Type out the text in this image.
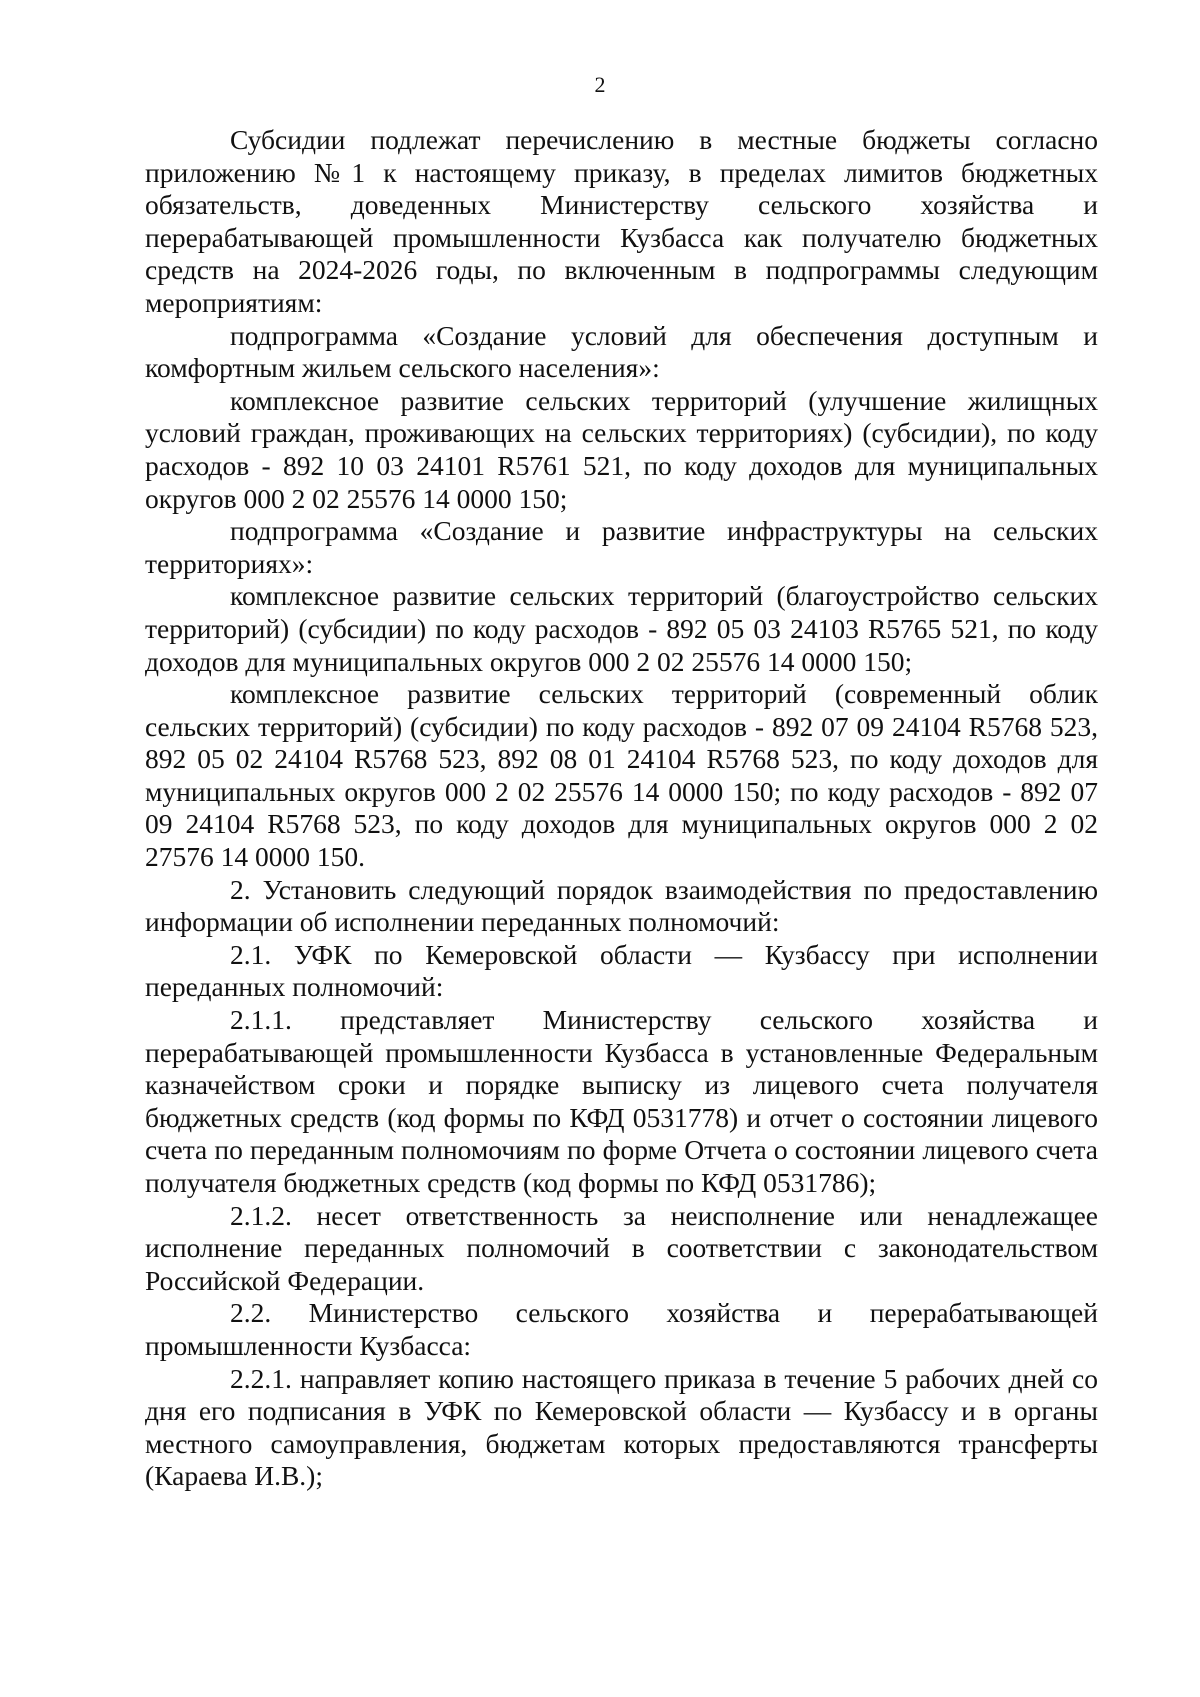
2

Субсидии подлежат перечислению в местные бюджеты согласно приложению №1 к настоящему приказу, в пределах лимитов бюджетных обязательств, доведенных Министерству сельского хозяйства и перерабатывающей промышленности Кузбасса как получателю бюджетных средств на 2024-2026 годы, по включенным в подпрограммы следующим мероприятиям:

подпрограмма «Создание условий для обеспечения доступным и комфортным жильем сельского населения»:

комплексное развитие сельских территорий (улучшение жилищных условий граждан, проживающих на сельских территориях) (субсидии), по коду расходов - 892 10 03 24101 R5761 521, по коду доходов для муниципальных округов 000 2 02 25576 14 0000 150;

подпрограмма «Создание и развитие инфраструктуры на сельских территориях»:

комплексное развитие сельских территорий (благоустройство сельских территорий) (субсидии) по коду расходов - 892 05 03 24103 R5765 521, по коду доходов для муниципальных округов 000 2 02 25576 14 0000 150;

комплексное развитие сельских территорий (современный облик сельских территорий) (субсидии) по коду расходов - 892 07 09 24104 R5768 523, 892 05 02 24104 R5768 523, 892 08 01 24104 R5768 523, по коду доходов для муниципальных округов 000 2 02 25576 14 0000 150; по коду расходов - 892 07 09 24104 R5768 523, по коду доходов для муниципальных округов 000 2 02 27576 14 0000 150.

2. Установить следующий порядок взаимодействия по предоставлению информации об исполнении переданных полномочий:

2.1. УФК по Кемеровской области — Кузбассу при исполнении переданных полномочий:

2.1.1. представляет Министерству сельского хозяйства и перерабатывающей промышленности Кузбасса в установленные Федеральным казначейством сроки и порядке выписку из лицевого счета получателя бюджетных средств (код формы по КФД 0531778) и отчет о состоянии лицевого счета по переданным полномочиям по форме Отчета о состоянии лицевого счета получателя бюджетных средств (код формы по КФД 0531786);

2.1.2. несет ответственность за неисполнение или ненадлежащее исполнение переданных полномочий в соответствии с законодательством Российской Федерации.

2.2. Министерство сельского хозяйства и перерабатывающей промышленности Кузбасса:

2.2.1. направляет копию настоящего приказа в течение 5 рабочих дней со дня его подписания в УФК по Кемеровской области — Кузбассу и в органы местного самоуправления, бюджетам которых предоставляются трансферты (Караева И.В.);
